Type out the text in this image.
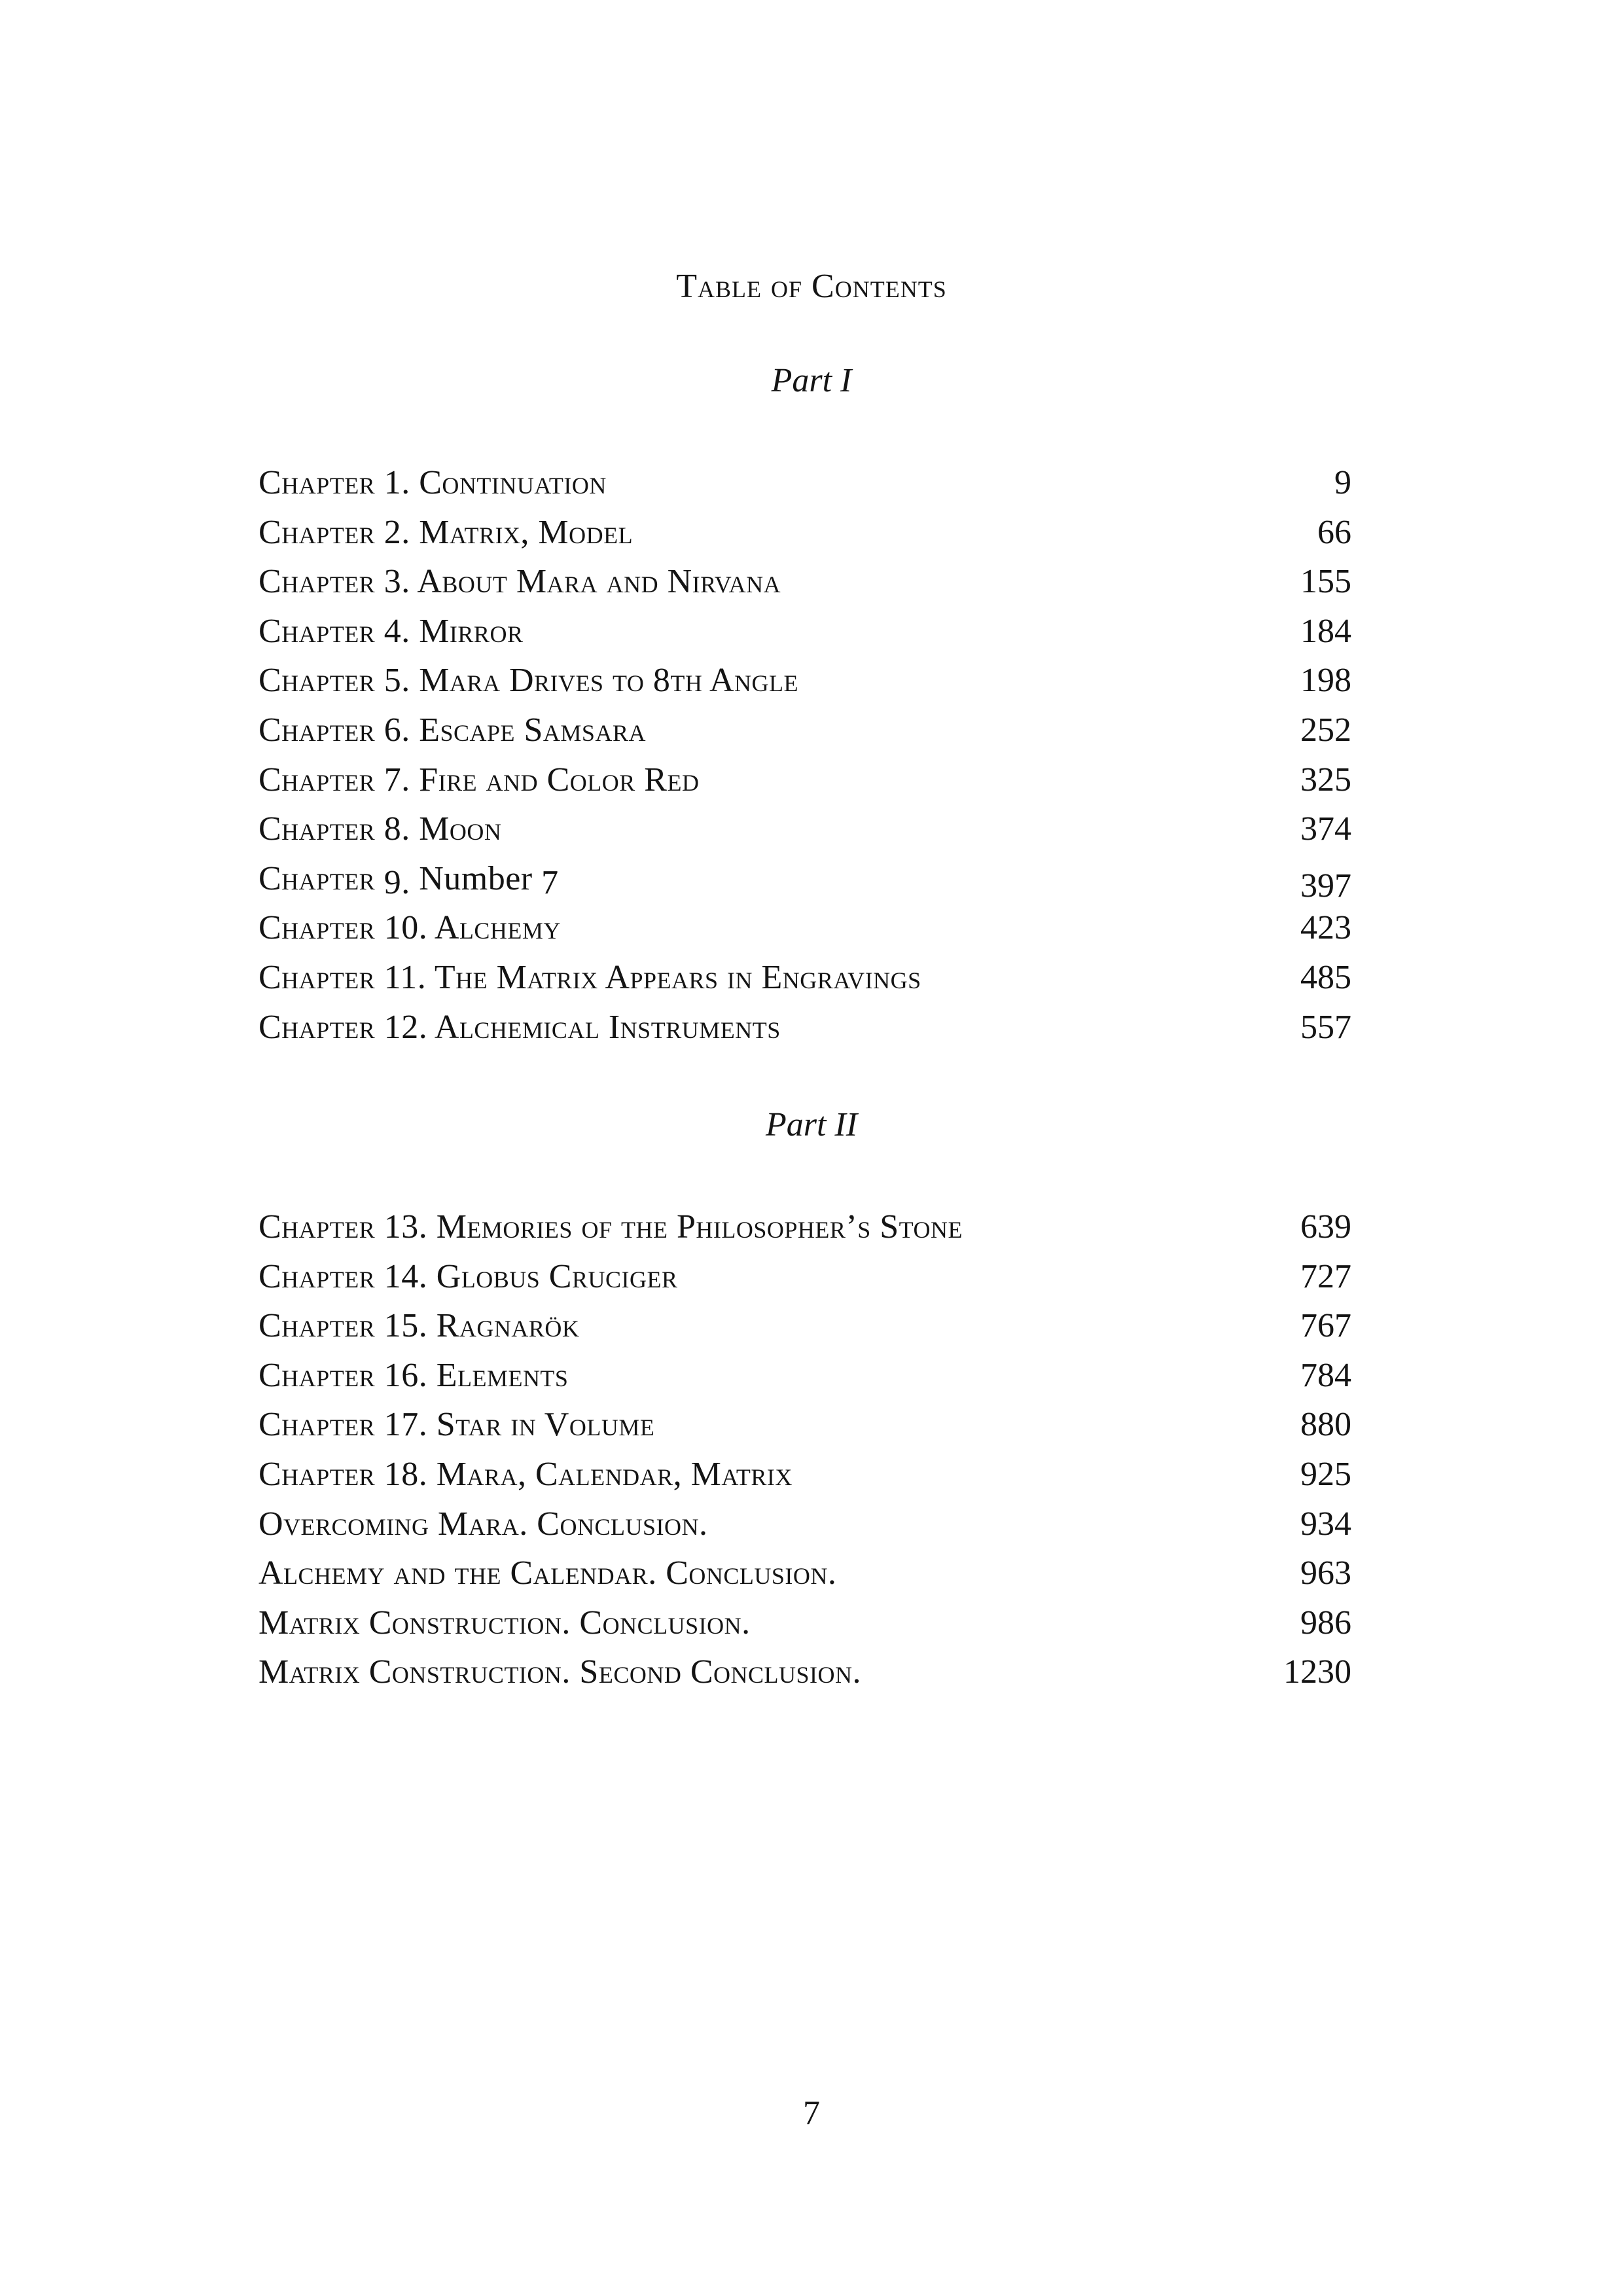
Table of Contents
Part I
Chapter 1. Continuation	9
Chapter 2. Matrix, Model	66
Chapter 3. About Mara and Nirvana	155
Chapter 4. Mirror	184
Chapter 5. Mara Drives to 8th Angle	198
Chapter 6. Escape Samsara	252
Chapter 7. Fire and Color Red	325
Chapter 8. Moon	374
Chapter 9. Number 7	397
Chapter 10. Alchemy	423
Chapter 11. The Matrix Appears in Engravings	485
Chapter 12. Alchemical Instruments	557
Part II
Chapter 13. Memories of the Philosopher’s Stone	639
Chapter 14. Globus Cruciger	727
Chapter 15. Ragnarök	767
Chapter 16. Elements	784
Chapter 17. Star in Volume	880
Chapter 18. Mara, Calendar, Matrix	925
Overcoming Mara. Conclusion.	934
Alchemy and the Calendar. Conclusion.	963
Matrix Construction. Conclusion.	986
Matrix Construction. Second Conclusion.	1230
7
